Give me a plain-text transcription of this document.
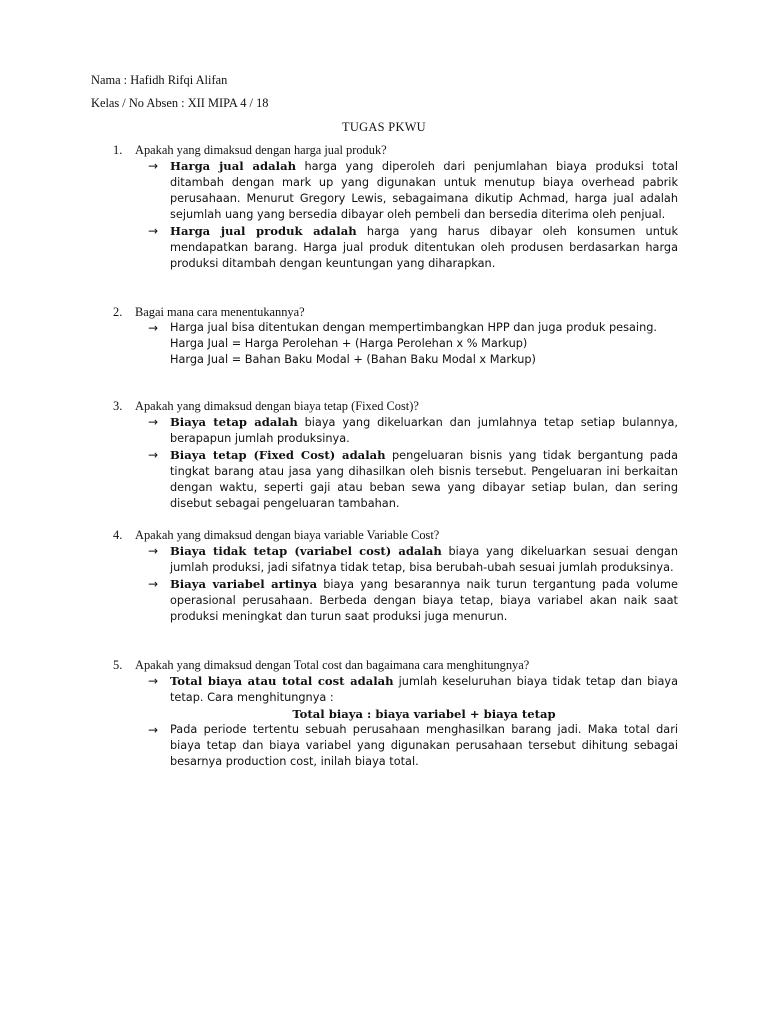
Nama : Hafidh Rifqi Alifan
Kelas / No Absen : XII MIPA 4 / 18
TUGAS PKWU
1. Apakah yang dimaksud dengan harga jual produk?
→ Harga jual adalah harga yang diperoleh dari penjumlahan biaya produksi total ditambah dengan mark up yang digunakan untuk menutup biaya overhead pabrik perusahaan. Menurut Gregory Lewis, sebagaimana dikutip Achmad, harga jual adalah sejumlah uang yang bersedia dibayar oleh pembeli dan bersedia diterima oleh penjual.
→ Harga jual produk adalah harga yang harus dibayar oleh konsumen untuk mendapatkan barang. Harga jual produk ditentukan oleh produsen berdasarkan harga produksi ditambah dengan keuntungan yang diharapkan.
2. Bagai mana cara menentukannya?
→ Harga jual bisa ditentukan dengan mempertimbangkan HPP dan juga produk pesaing.
Harga Jual = Harga Perolehan + (Harga Perolehan x % Markup)
Harga Jual = Bahan Baku Modal + (Bahan Baku Modal x Markup)
3. Apakah yang dimaksud dengan biaya tetap (Fixed Cost)?
→ Biaya tetap adalah biaya yang dikeluarkan dan jumlahnya tetap setiap bulannya, berapapun jumlah produksinya.
→ Biaya tetap (Fixed Cost) adalah pengeluaran bisnis yang tidak bergantung pada tingkat barang atau jasa yang dihasilkan oleh bisnis tersebut. Pengeluaran ini berkaitan dengan waktu, seperti gaji atau beban sewa yang dibayar setiap bulan, dan sering disebut sebagai pengeluaran tambahan.
4. Apakah yang dimaksud dengan biaya variable Variable Cost?
→ Biaya tidak tetap (variabel cost) adalah biaya yang dikeluarkan sesuai dengan jumlah produksi, jadi sifatnya tidak tetap, bisa berubah-ubah sesuai jumlah produksinya.
→ Biaya variabel artinya biaya yang besarannya naik turun tergantung pada volume operasional perusahaan. Berbeda dengan biaya tetap, biaya variabel akan naik saat produksi meningkat dan turun saat produksi juga menurun.
5. Apakah yang dimaksud dengan Total cost dan bagaimana cara menghitungnya?
→ Total biaya atau total cost adalah jumlah keseluruhan biaya tidak tetap dan biaya tetap. Cara menghitungnya :
Total biaya : biaya variabel + biaya tetap
→ Pada periode tertentu sebuah perusahaan menghasilkan barang jadi. Maka total dari biaya tetap dan biaya variabel yang digunakan perusahaan tersebut dihitung sebagai besarnya production cost, inilah biaya total.
